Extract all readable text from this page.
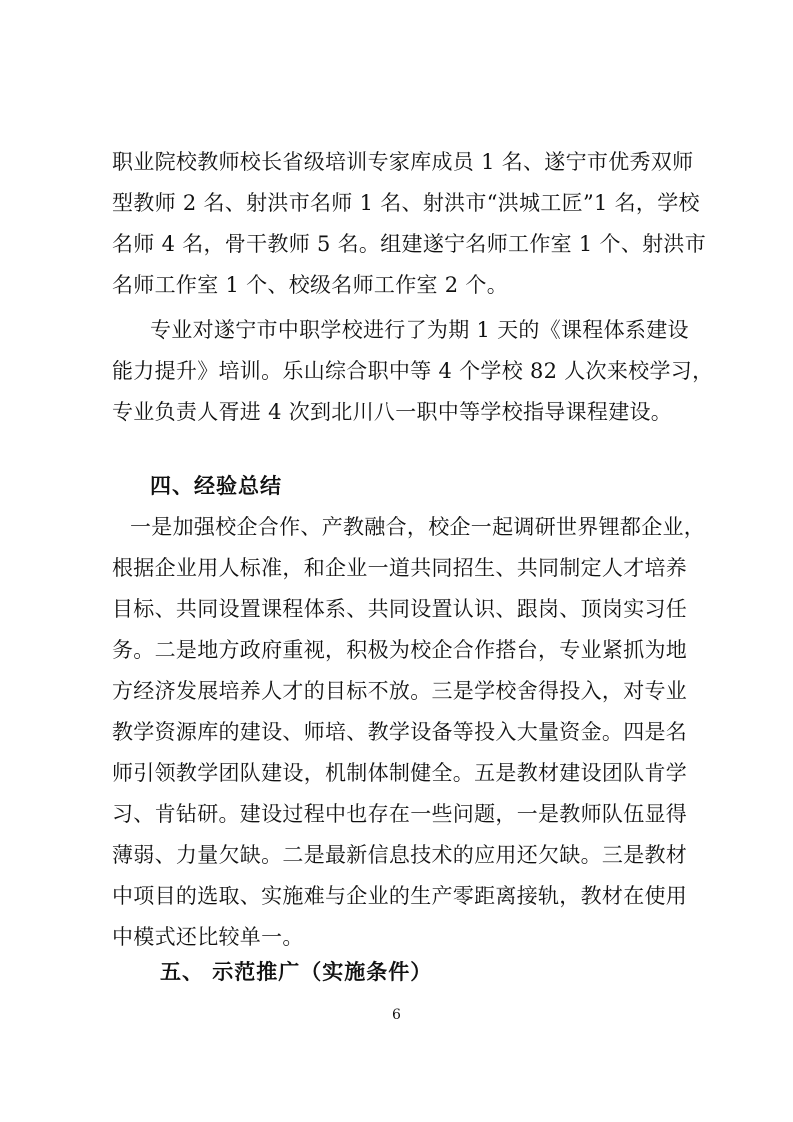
职业院校教师校长省级培训专家库成员 1 名、遂宁市优秀双师
型教师 2 名、射洪市名师 1 名、射洪市“洪城工匠”1 名，学校
名师 4 名，骨干教师 5 名。组建遂宁名师工作室 1 个、射洪市
名师工作室 1 个、校级名师工作室 2 个。
专业对遂宁市中职学校进行了为期 1 天的《课程体系建设
能力提升》培训。乐山综合职中等 4 个学校 82 人次来校学习，
专业负责人胥进 4 次到北川八一职中等学校指导课程建设。
四、经验总结
一是加强校企合作、产教融合，校企一起调研世界锂都企业，
根据企业用人标准，和企业一道共同招生、共同制定人才培养
目标、共同设置课程体系、共同设置认识、跟岗、顶岗实习任
务。二是地方政府重视，积极为校企合作搭台，专业紧抓为地
方经济发展培养人才的目标不放。三是学校舍得投入，对专业
教学资源库的建设、师培、教学设备等投入大量资金。四是名
师引领教学团队建设，机制体制健全。五是教材建设团队肯学
习、肯钻研。建设过程中也存在一些问题，一是教师队伍显得
薄弱、力量欠缺。二是最新信息技术的应用还欠缺。三是教材
中项目的选取、实施难与企业的生产零距离接轨，教材在使用
中模式还比较单一。
五、 示范推广（实施条件）
6
